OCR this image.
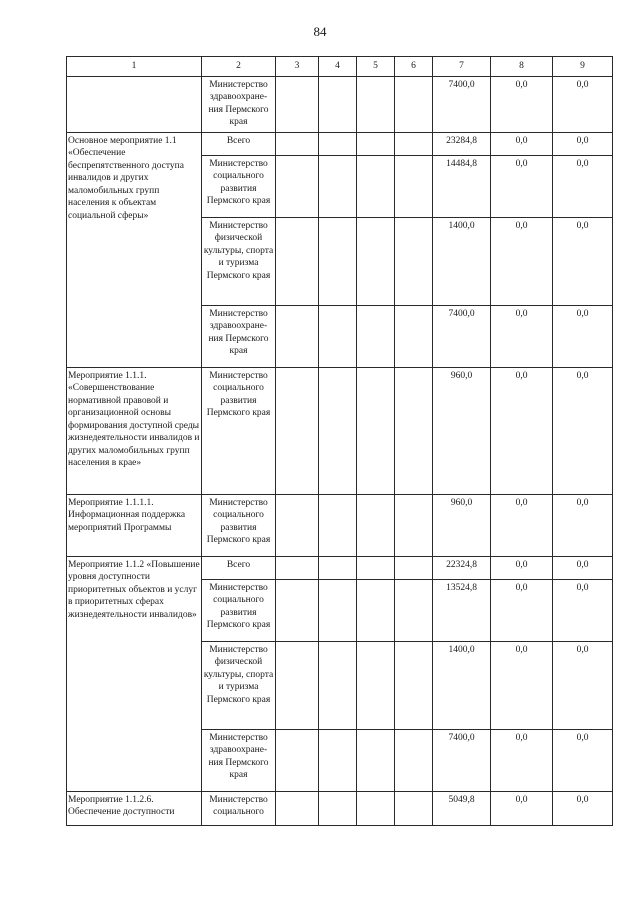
84
1	2	3	4	5	6	7	8	9
	Министерство здравоохране-ния Пермского края					7400,0	0,0	0,0
Основное мероприятие 1.1 «Обеспечение беспрепятственного доступа инвалидов и других маломобильных групп населения к объектам социальной сферы»	Всего					23284,8	0,0	0,0
	Министерство социального развития Пермского края					14484,8	0,0	0,0
	Министерство физической культуры, спорта и туризма Пермского края					1400,0	0,0	0,0
	Министерство здравоохране-ния Пермского края					7400,0	0,0	0,0
Мероприятие 1.1.1. «Совершенствование нормативной правовой и организационной основы формирования доступной среды жизнедеятельности инвалидов и других маломобильных групп населения в крае»	Министерство социального развития Пермского края					960,0	0,0	0,0
Мероприятие 1.1.1.1. Информационная поддержка мероприятий Программы	Министерство социального развития Пермского края					960,0	0,0	0,0
Мероприятие 1.1.2 «Повышение уровня доступности приоритетных объектов и услуг в приоритетных сферах жизнедеятельности инвалидов»	Всего					22324,8	0,0	0,0
	Министерство социального развития Пермского края					13524,8	0,0	0,0
	Министерство физической культуры, спорта и туризма Пермского края					1400,0	0,0	0,0
	Министерство здравоохране-ния Пермского края					7400,0	0,0	0,0
Мероприятие 1.1.2.6. Обеспечение доступности	Министерство социального					5049,8	0,0	0,0
